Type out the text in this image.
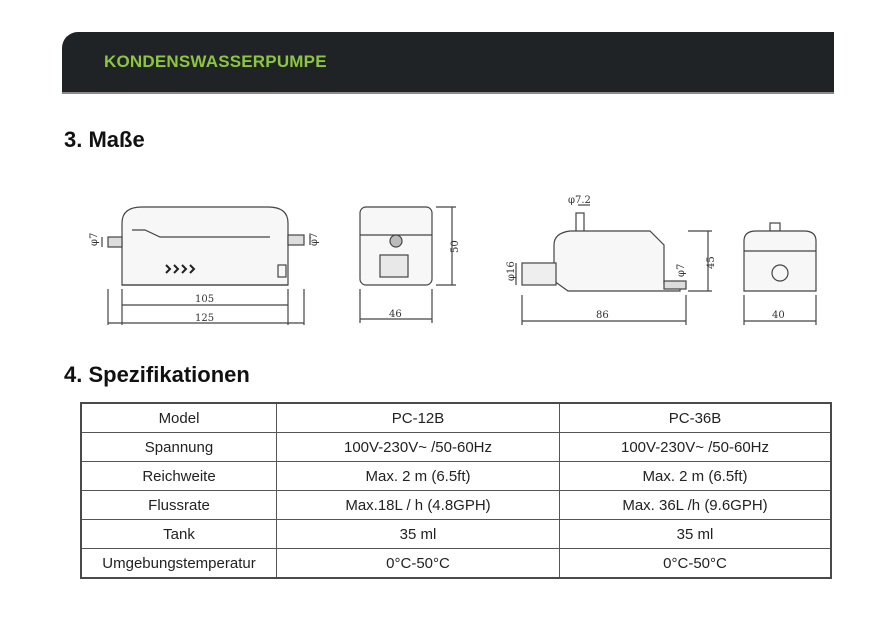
KONDENSWASSERPUMPE
3. Maße
φ7	φ7
105
125
50
46
φ7.2
φ16	φ7
45
86	40
4. Spezifikationen
Model	PC-12B	PC-36B
Spannung	100V-230V~ /50-60Hz	100V-230V~ /50-60Hz
Reichweite	Max. 2 m (6.5ft)	Max. 2 m (6.5ft)
Flussrate	Max.18L / h (4.8GPH)	Max. 36L /h (9.6GPH)
Tank	35 ml	35 ml
Umgebungstemperatur	0°C-50°C	0°C-50°C
